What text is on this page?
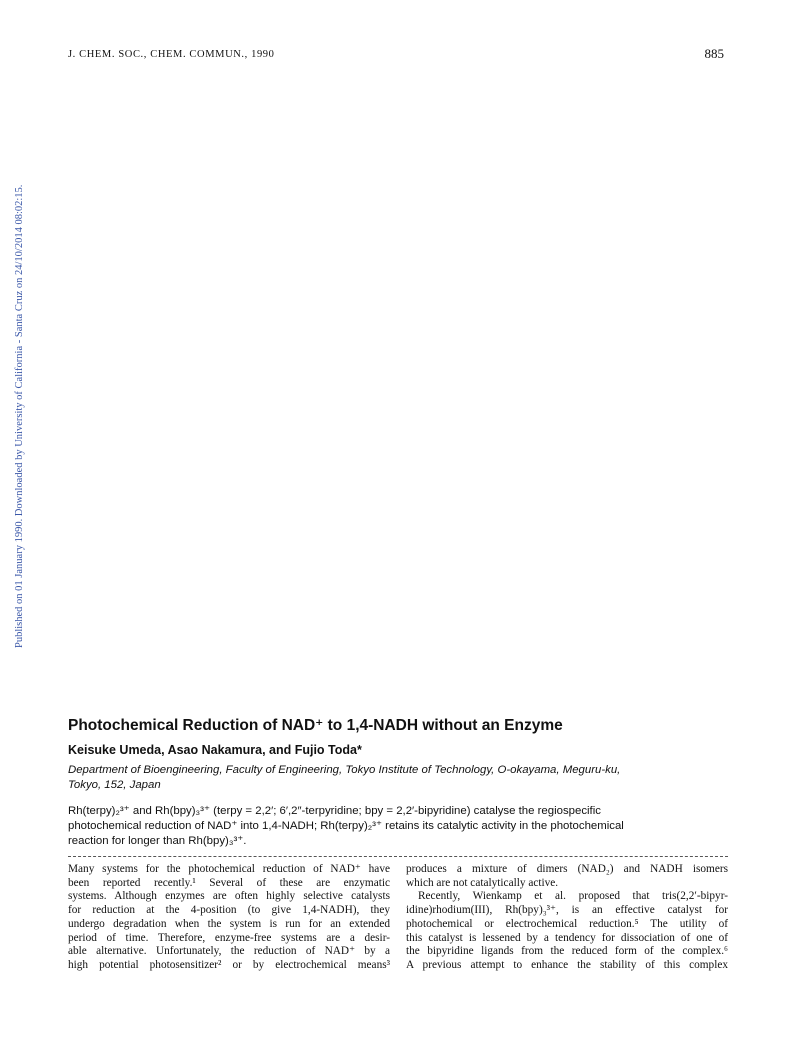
J. CHEM. SOC., CHEM. COMMUN., 1990	885
Published on 01 January 1990. Downloaded by University of California - Santa Cruz on 24/10/2014 08:02:15.
Photochemical Reduction of NAD⁺ to 1,4-NADH without an Enzyme
Keisuke Umeda, Asao Nakamura, and Fujio Toda*
Department of Bioengineering, Faculty of Engineering, Tokyo Institute of Technology, O-okayama, Meguru-ku,
Tokyo, 152, Japan
Rh(terpy)₂³⁺ and Rh(bpy)₃³⁺ (terpy = 2,2′; 6′,2″-terpyridine; bpy = 2,2′-bipyridine) catalyse the regiospecific
photochemical reduction of NAD⁺ into 1,4-NADH; Rh(terpy)₂³⁺ retains its catalytic activity in the photochemical
reaction for longer than Rh(bpy)₃³⁺.
Many systems for the photochemical reduction of NAD⁺ have
been reported recently.¹ Several of these are enzymatic
systems. Although enzymes are often highly selective catalysts
for reduction at the 4-position (to give 1,4-NADH), they
undergo degradation when the system is run for an extended
period of time. Therefore, enzyme-free systems are a desir-
able alternative. Unfortunately, the reduction of NAD⁺ by a
high potential photosensitizer² or by electrochemical means³
produces a mixture of dimers (NAD₂) and NADH isomers
which are not catalytically active.
Recently, Wienkamp et al. proposed that tris(2,2′-bipyr-
idine)rhodium(III), Rh(bpy)₃³⁺, is an effective catalyst for
photochemical or electrochemical reduction.⁵ The utility of
this catalyst is lessened by a tendency for dissociation of one of
the bipyridine ligands from the reduced form of the complex.⁶
A previous attempt to enhance the stability of this complex
